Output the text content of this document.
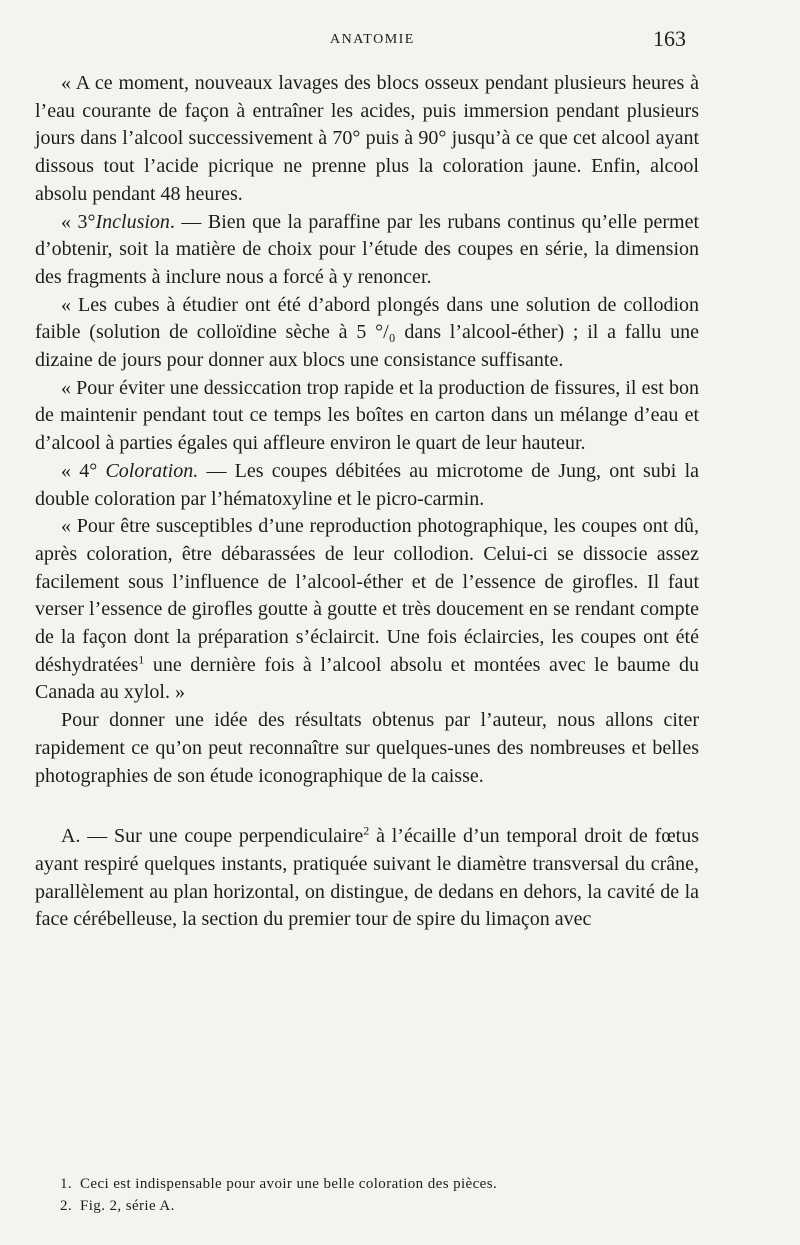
ANATOMIE	163

« A ce moment, nouveaux lavages des blocs osseux pendant plusieurs heures à l’eau courante de façon à entraîner les acides, puis immersion pendant plusieurs jours dans l’alcool successivement à 70° puis à 90° jusqu’à ce que cet alcool ayant dissous tout l’acide picrique ne prenne plus la coloration jaune. Enfin, alcool absolu pendant 48 heures.

« 3°Inclusion. — Bien que la paraffine par les rubans continus qu’elle permet d’obtenir, soit la matière de choix pour l’étude des coupes en série, la dimension des fragments à inclure nous a forcé à y renoncer.

« Les cubes à étudier ont été d’abord plongés dans une solution de collodion faible (solution de colloïdine sèche à 5 °/₀ dans l’alcool-éther) ; il a fallu une dizaine de jours pour donner aux blocs une consistance suffisante.

« Pour éviter une dessiccation trop rapide et la production de fissures, il est bon de maintenir pendant tout ce temps les boîtes en carton dans un mélange d’eau et d’alcool à parties égales qui affleure environ le quart de leur hauteur.

« 4° Coloration. — Les coupes débitées au microtome de Jung, ont subi la double coloration par l’hématoxyline et le picro-carmin.

« Pour être susceptibles d’une reproduction photographique, les coupes ont dû, après coloration, être débarassées de leur collodion. Celui-ci se dissocie assez facilement sous l’influence de l’alcool-éther et de l’essence de girofles. Il faut verser l’essence de girofles goutte à goutte et très doucement en se rendant compte de la façon dont la préparation s’éclaircit. Une fois éclaircies, les coupes ont été déshydratées$^1$ une dernière fois à l’alcool absolu et montées avec le baume du Canada au xylol. »

Pour donner une idée des résultats obtenus par l’auteur, nous allons citer rapidement ce qu’on peut reconnaître sur quelques-unes des nombreuses et belles photographies de son étude iconographique de la caisse.

A. — Sur une coupe perpendiculaire$^2$ à l’écaille d’un temporal droit de fœtus ayant respiré quelques instants, pratiquée suivant le diamètre transversal du crâne, parallèlement au plan horizontal, on distingue, de dedans en dehors, la cavité de la face cérébelleuse, la section du premier tour de spire du limaçon avec

1. Ceci est indispensable pour avoir une belle coloration des pièces.

2. Fig. 2, série A.
